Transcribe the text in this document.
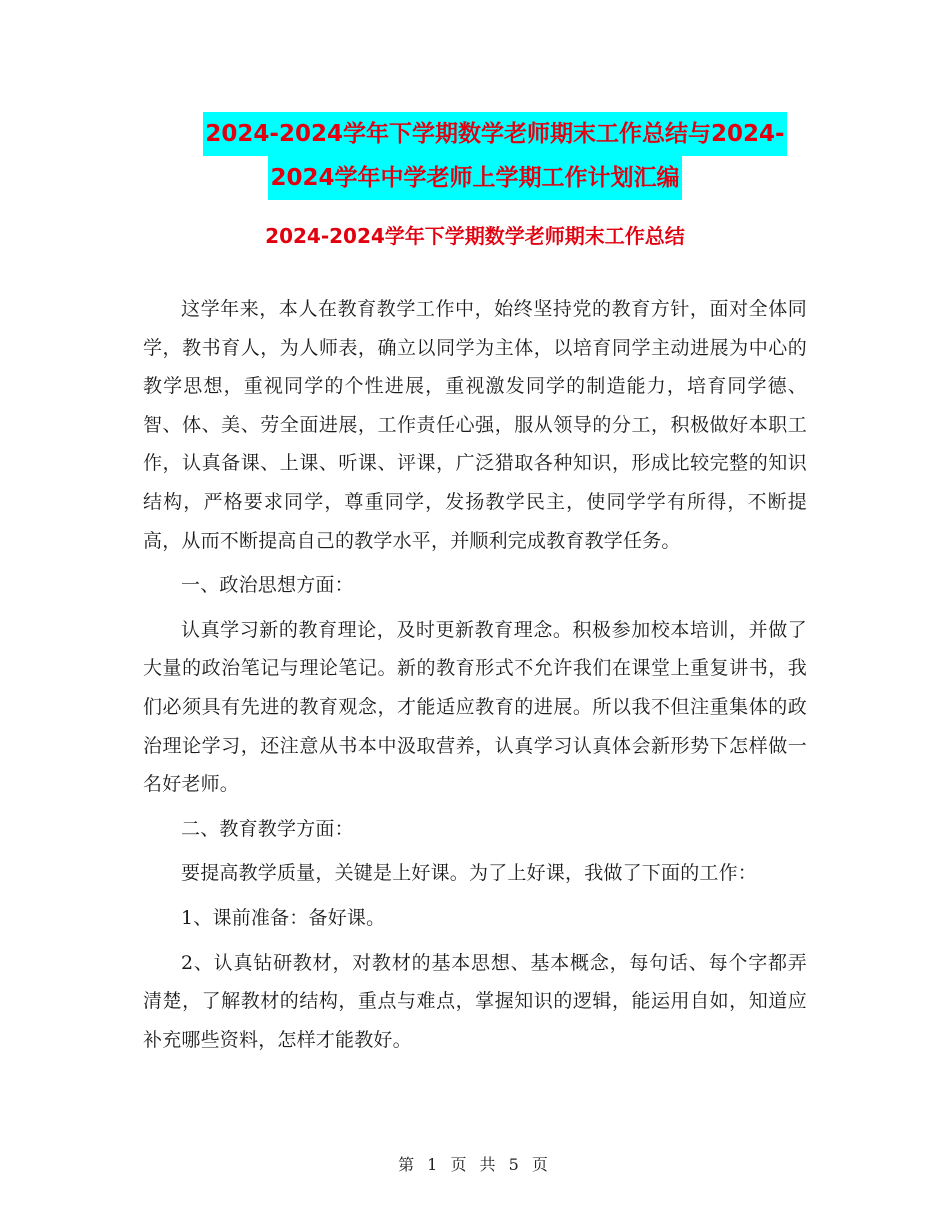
2024-2024学年下学期数学老师期末工作总结与2024-
2024学年中学老师上学期工作计划汇编
2024-2024学年下学期数学老师期末工作总结

这学年来，本人在教育教学工作中，始终坚持党的教育方针，面对全体同学，教书育人，为人师表，确立以同学为主体，以培育同学主动进展为中心的教学思想，重视同学的个性进展，重视激发同学的制造能力，培育同学德、智、体、美、劳全面进展，工作责任心强，服从领导的分工，积极做好本职工作，认真备课、上课、听课、评课，广泛猎取各种知识，形成比较完整的知识结构，严格要求同学，尊重同学，发扬教学民主，使同学学有所得，不断提高，从而不断提高自己的教学水平，并顺利完成教育教学任务。

一、政治思想方面：

认真学习新的教育理论，及时更新教育理念。积极参加校本培训，并做了大量的政治笔记与理论笔记。新的教育形式不允许我们在课堂上重复讲书，我们必须具有先进的教育观念，才能适应教育的进展。所以我不但注重集体的政治理论学习，还注意从书本中汲取营养，认真学习认真体会新形势下怎样做一名好老师。

二、教育教学方面：

要提高教学质量，关键是上好课。为了上好课，我做了下面的工作：

1、课前准备：备好课。

2、认真钻研教材，对教材的基本思想、基本概念，每句话、每个字都弄清楚，了解教材的结构，重点与难点，掌握知识的逻辑，能运用自如，知道应补充哪些资料，怎样才能教好。

第 1 页 共 5 页
